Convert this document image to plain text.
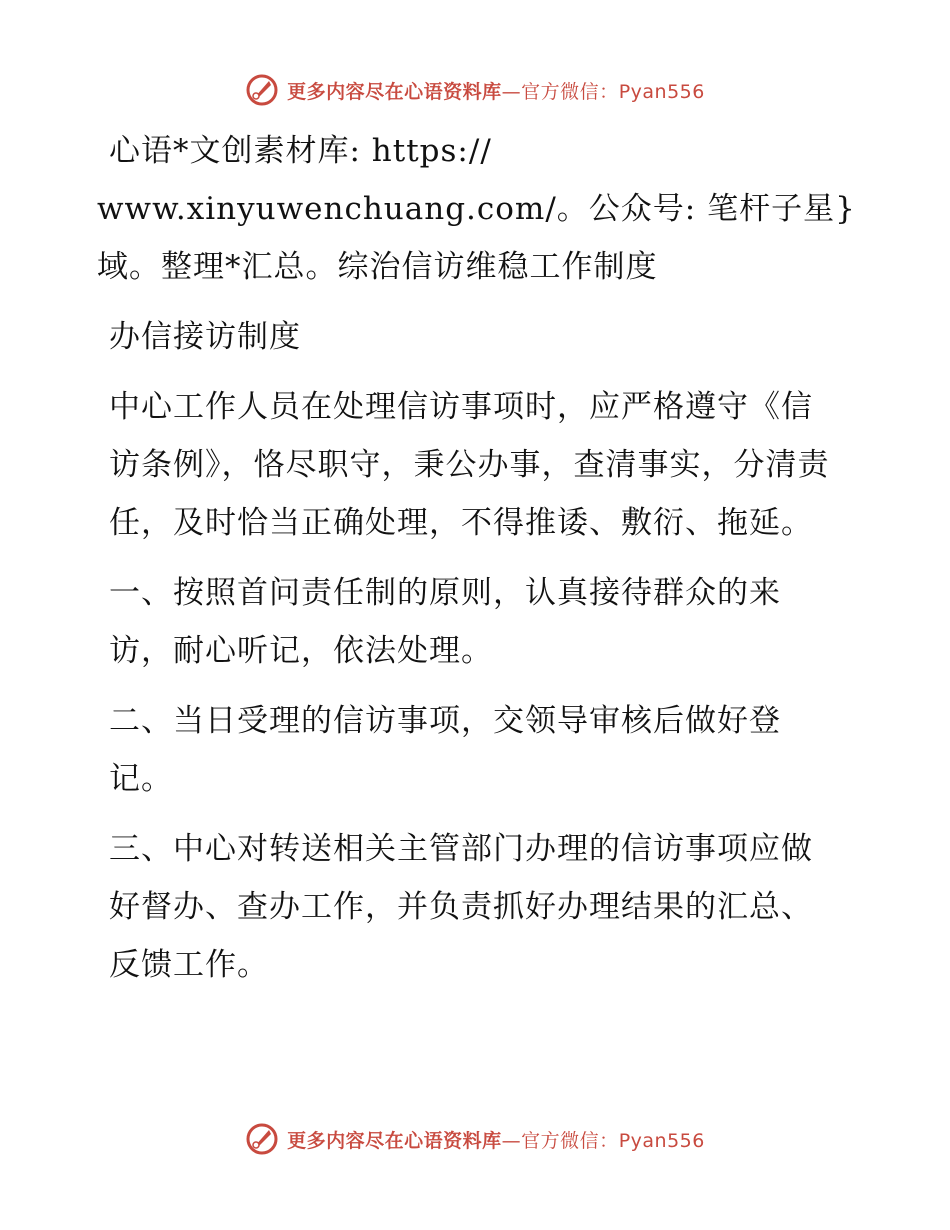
更多内容尽在心语资料库—官方微信：Pyan556
心语*文创素材库: https://
www.xinyuwenchuang.com/。公众号: 笔杆子星}
域。整理*汇总。综治信访维稳工作制度
办信接访制度
中心工作人员在处理信访事项时，应严格遵守《信访条例》，恪尽职守，秉公办事，查清事实，分清责任，及时恰当正确处理，不得推诿、敷衍、拖延。
一、按照首问责任制的原则，认真接待群众的来访，耐心听记，依法处理。
二、当日受理的信访事项，交领导审核后做好登记。
三、中心对转送相关主管部门办理的信访事项应做好督办、查办工作，并负责抓好办理结果的汇总、反馈工作。
更多内容尽在心语资料库—官方微信：Pyan556
